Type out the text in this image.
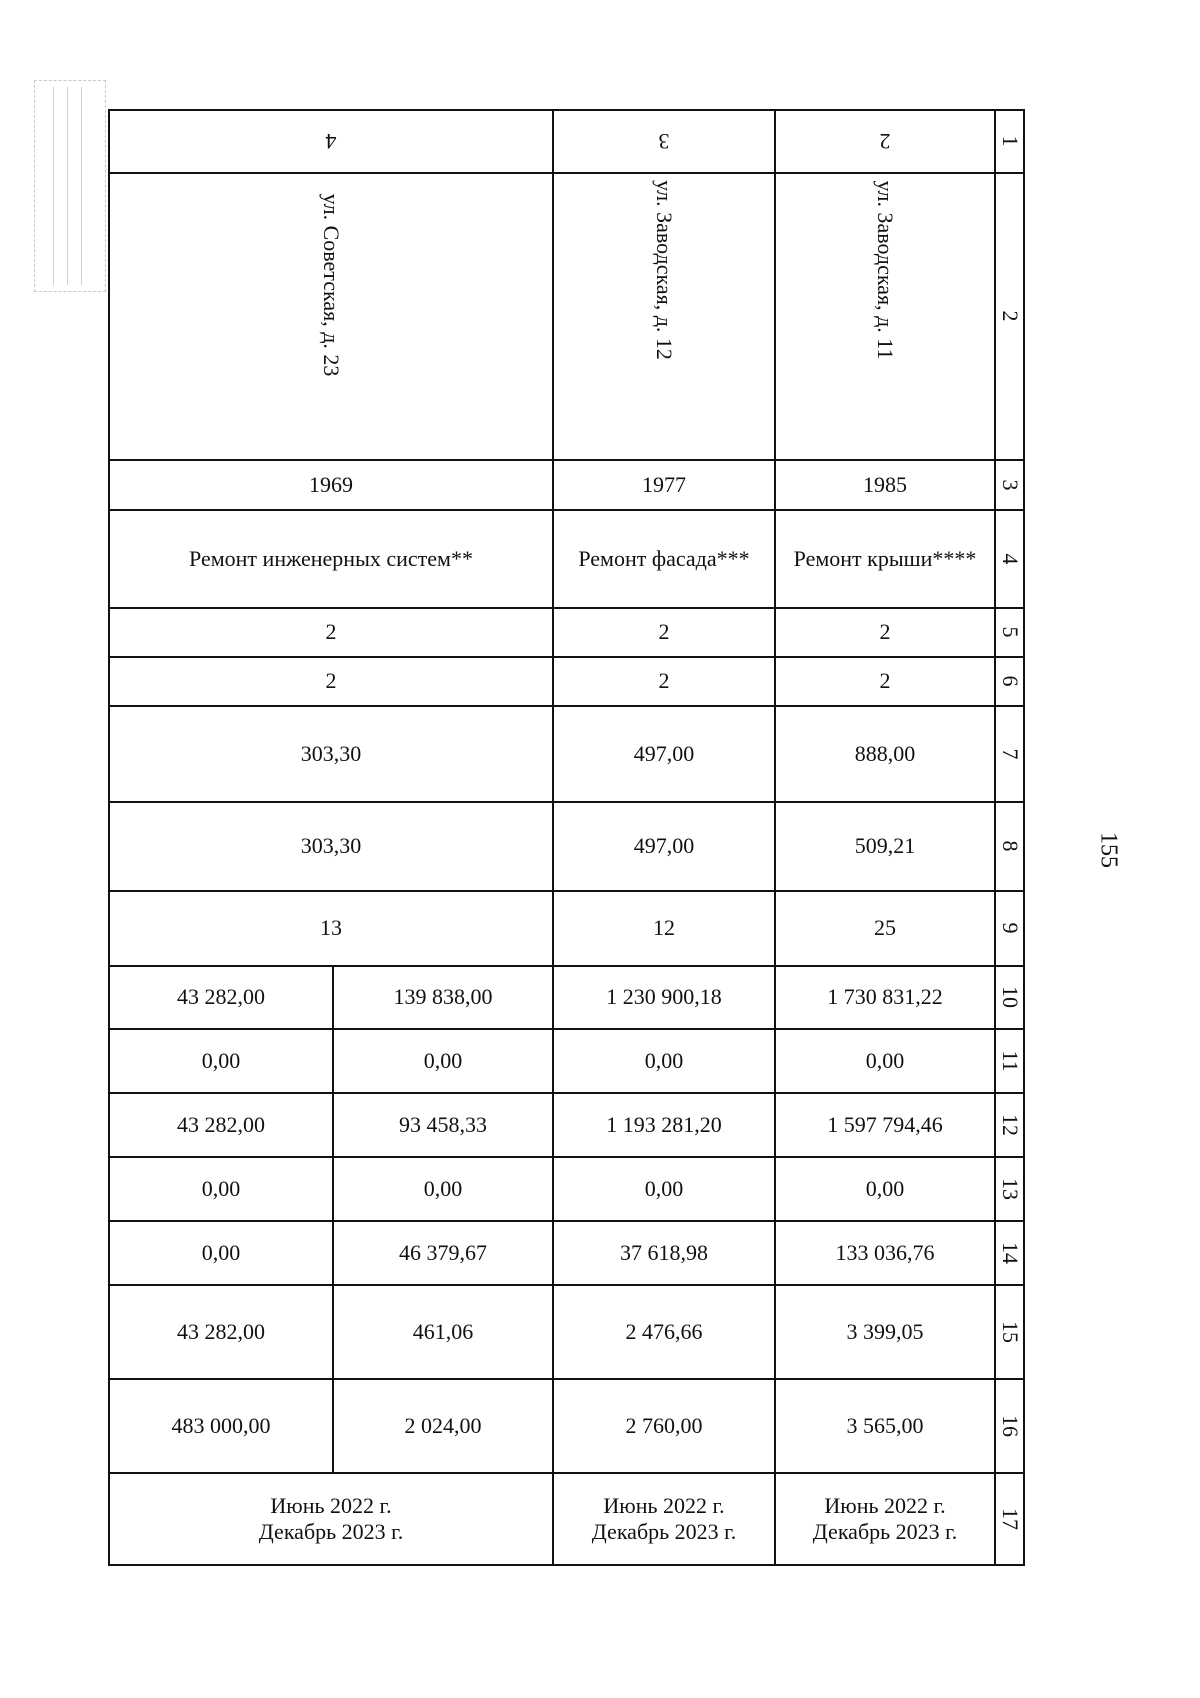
155
1
2
3
4
5
6
7
8
9
10
11
12
13
14
15
16
17
2
ул. Заводская, д. 11
1985
Ремонт крыши****
2
2
888,00
509,21
25
1 730 831,22
0,00
1 597 794,46
0,00
133 036,76
3 399,05
3 565,00
Июнь 2022 г.
Декабрь 2023 г.
3
ул. Заводская, д. 12
1977
Ремонт фасада***
2
2
497,00
497,00
12
1 230 900,18
0,00
1 193 281,20
0,00
37 618,98
2 476,66
2 760,00
Июнь 2022 г.
Декабрь 2023 г.
4
ул. Советская, д. 23
1969
Ремонт инженерных систем**
2
2
303,30
303,30
13
43 282,00
0,00
43 282,00
0,00
0,00
43 282,00
483 000,00
139 838,00
0,00
93 458,33
0,00
46 379,67
461,06
2 024,00
Июнь 2022 г.
Декабрь 2023 г.
